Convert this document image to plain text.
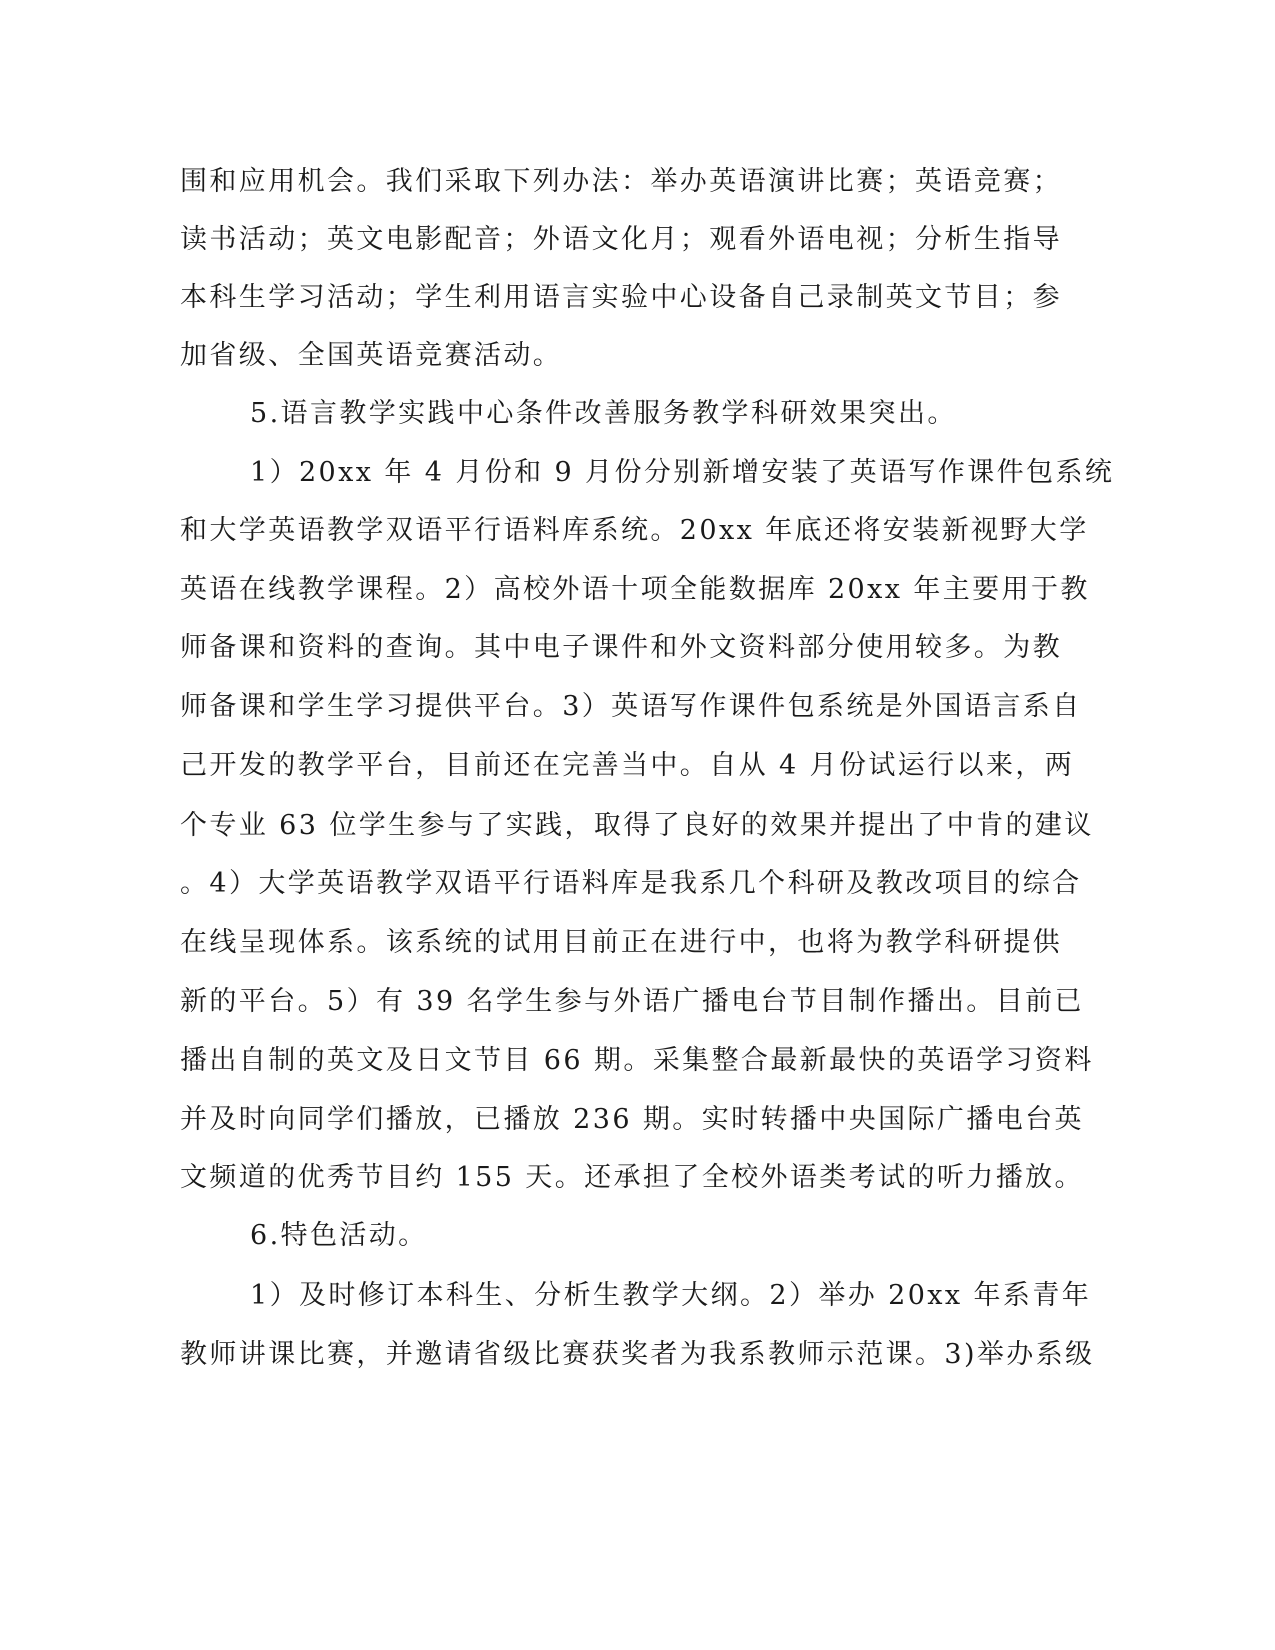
围和应用机会。我们采取下列办法：举办英语演讲比赛；英语竞赛；
读书活动；英文电影配音；外语文化月；观看外语电视；分析生指导
本科生学习活动；学生利用语言实验中心设备自己录制英文节目；参
加省级、全国英语竞赛活动。
5.语言教学实践中心条件改善服务教学科研效果突出。
1）20xx 年 4 月份和 9 月份分别新增安装了英语写作课件包系统
和大学英语教学双语平行语料库系统。20xx 年底还将安装新视野大学
英语在线教学课程。2）高校外语十项全能数据库 20xx 年主要用于教
师备课和资料的查询。其中电子课件和外文资料部分使用较多。为教
师备课和学生学习提供平台。3）英语写作课件包系统是外国语言系自
己开发的教学平台，目前还在完善当中。自从 4 月份试运行以来，两
个专业 63 位学生参与了实践，取得了良好的效果并提出了中肯的建议
。4）大学英语教学双语平行语料库是我系几个科研及教改项目的综合
在线呈现体系。该系统的试用目前正在进行中，也将为教学科研提供
新的平台。5）有 39 名学生参与外语广播电台节目制作播出。目前已
播出自制的英文及日文节目 66 期。采集整合最新最快的英语学习资料
并及时向同学们播放，已播放 236 期。实时转播中央国际广播电台英
文频道的优秀节目约 155 天。还承担了全校外语类考试的听力播放。
6.特色活动。
1）及时修订本科生、分析生教学大纲。2）举办 20xx 年系青年
教师讲课比赛，并邀请省级比赛获奖者为我系教师示范课。3)举办系级
